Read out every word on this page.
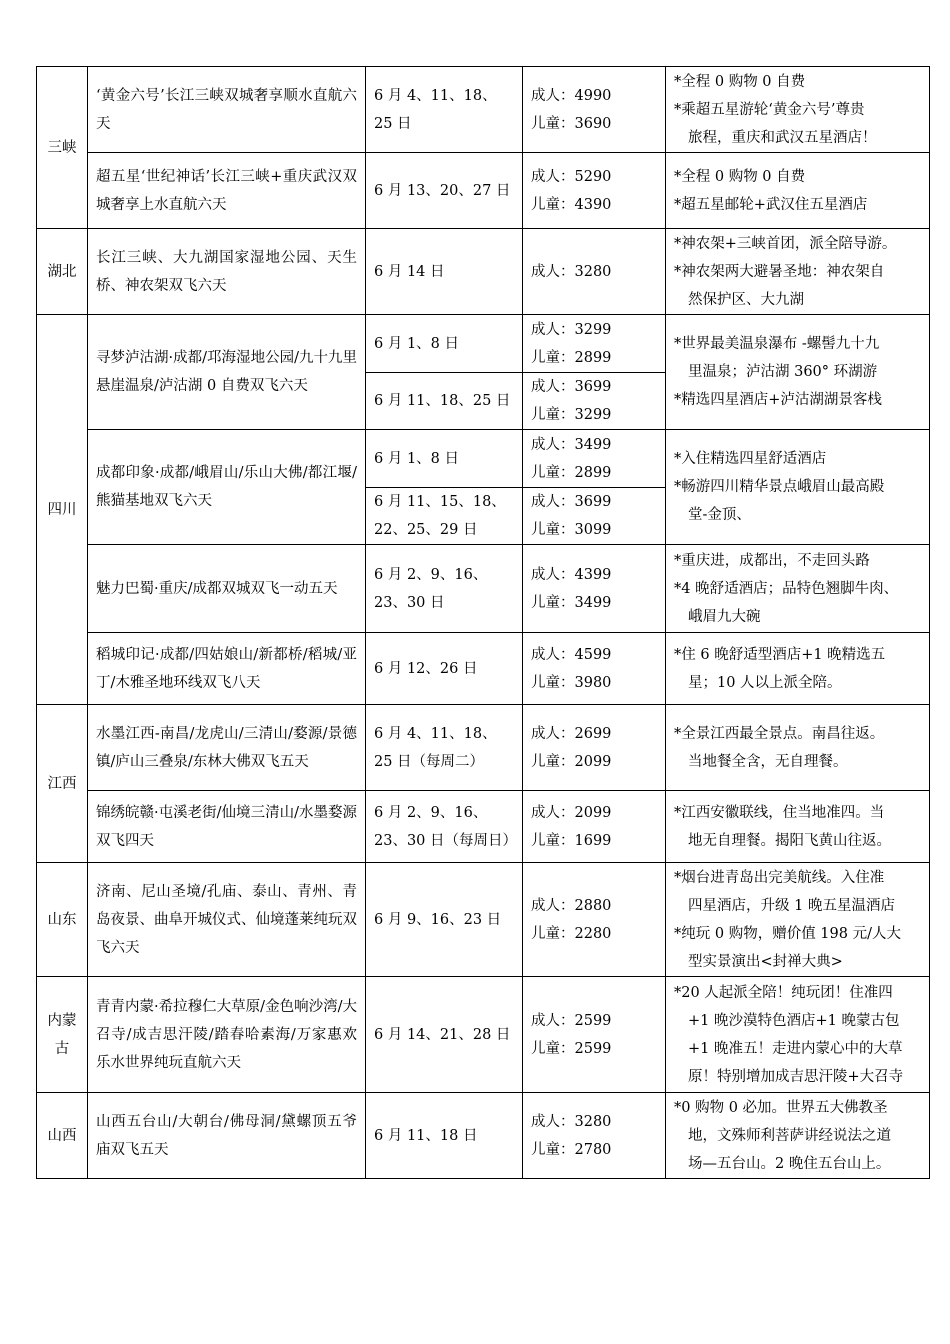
三峡	‘黄金六号’长江三峡双城奢享顺水直航六天	6 月 4、11、18、25 日	成人：4990
儿童：3690	*全程 0 购物 0 自费
*乘超五星游轮‘黄金六号’尊贵
旅程，重庆和武汉五星酒店！

	超五星‘世纪神话’长江三峡+重庆武汉双城奢享上水直航六天	6 月 13、20、27 日	成人：5290
儿童：4390	*全程 0 购物 0 自费
*超五星邮轮+武汉住五星酒店

湖北	长江三峡、大九湖国家湿地公园、天生桥、神农架双飞六天	6 月 14 日	成人：3280	*神农架+三峡首团，派全陪导游。
*神农架两大避暑圣地：神农架自
然保护区、大九湖

四川	寻梦泸沽湖·成都/邛海湿地公园/九十九里悬崖温泉/泸沽湖 0 自费双飞六天	6 月 1、8 日	成人：3299
儿童：2899	*世界最美温泉瀑布 -螺髻九十九
里温泉；泸沽湖 360° 环湖游
*精选四星酒店+泸沽湖湖景客栈

		6 月 11、18、25 日	成人：3699
儿童：3299	

	成都印象·成都/峨眉山/乐山大佛/都江堰/熊猫基地双飞六天	6 月 1、8 日	成人：3499
儿童：2899	*入住精选四星舒适酒店
*畅游四川精华景点峨眉山最高殿
堂-金顶、

		6 月 11、15、18、22、25、29 日	成人：3699
儿童：3099	

	魅力巴蜀·重庆/成都双城双飞一动五天	6 月 2、9、16、23、30 日	成人：4399
儿童：3499	*重庆进，成都出，不走回头路
*4 晚舒适酒店；品特色翘脚牛肉、
峨眉九大碗

	稻城印记·成都/四姑娘山/新都桥/稻城/亚丁/木雅圣地环线双飞八天	6 月 12、26 日	成人：4599
儿童：3980	*住 6 晚舒适型酒店+1 晚精选五
星；10 人以上派全陪。

江西	水墨江西-南昌/龙虎山/三清山/婺源/景德镇/庐山三叠泉/东林大佛双飞五天	6 月 4、11、18、25 日（每周二）	成人：2699
儿童：2099	*全景江西最全景点。南昌往返。
当地餐全含，无自理餐。

	锦绣皖赣·屯溪老街/仙境三清山/水墨婺源双飞四天	6 月 2、9、16、23、30 日（每周日）	成人：2099
儿童：1699	*江西安徽联线，住当地准四。当
地无自理餐。揭阳飞黄山往返。

山东	济南、尼山圣境/孔庙、泰山、青州、青岛夜景、曲阜开城仪式、仙境蓬莱纯玩双飞六天	6 月 9、16、23 日	成人：2880
儿童：2280	*烟台进青岛出完美航线。入住准
四星酒店，升级 1 晚五星温酒店
*纯玩 0 购物，赠价值 198 元/人大
型实景演出<封禅大典>

内蒙古	青青内蒙·希拉穆仁大草原/金色响沙湾/大召寺/成吉思汗陵/踏春哈素海/万家惠欢乐水世界纯玩直航六天	6 月 14、21、28 日	成人：2599
儿童：2599	*20 人起派全陪！纯玩团！住准四
+1 晚沙漠特色酒店+1 晚蒙古包
+1 晚准五！走进内蒙心中的大草
原！特别增加成吉思汗陵+大召寺

山西	山西五台山/大朝台/佛母洞/黛螺顶五爷庙双飞五天	6 月 11、18 日	成人：3280
儿童：2780	*0 购物 0 必加。世界五大佛教圣
地，文殊师利菩萨讲经说法之道
场—五台山。2 晚住五台山上。
